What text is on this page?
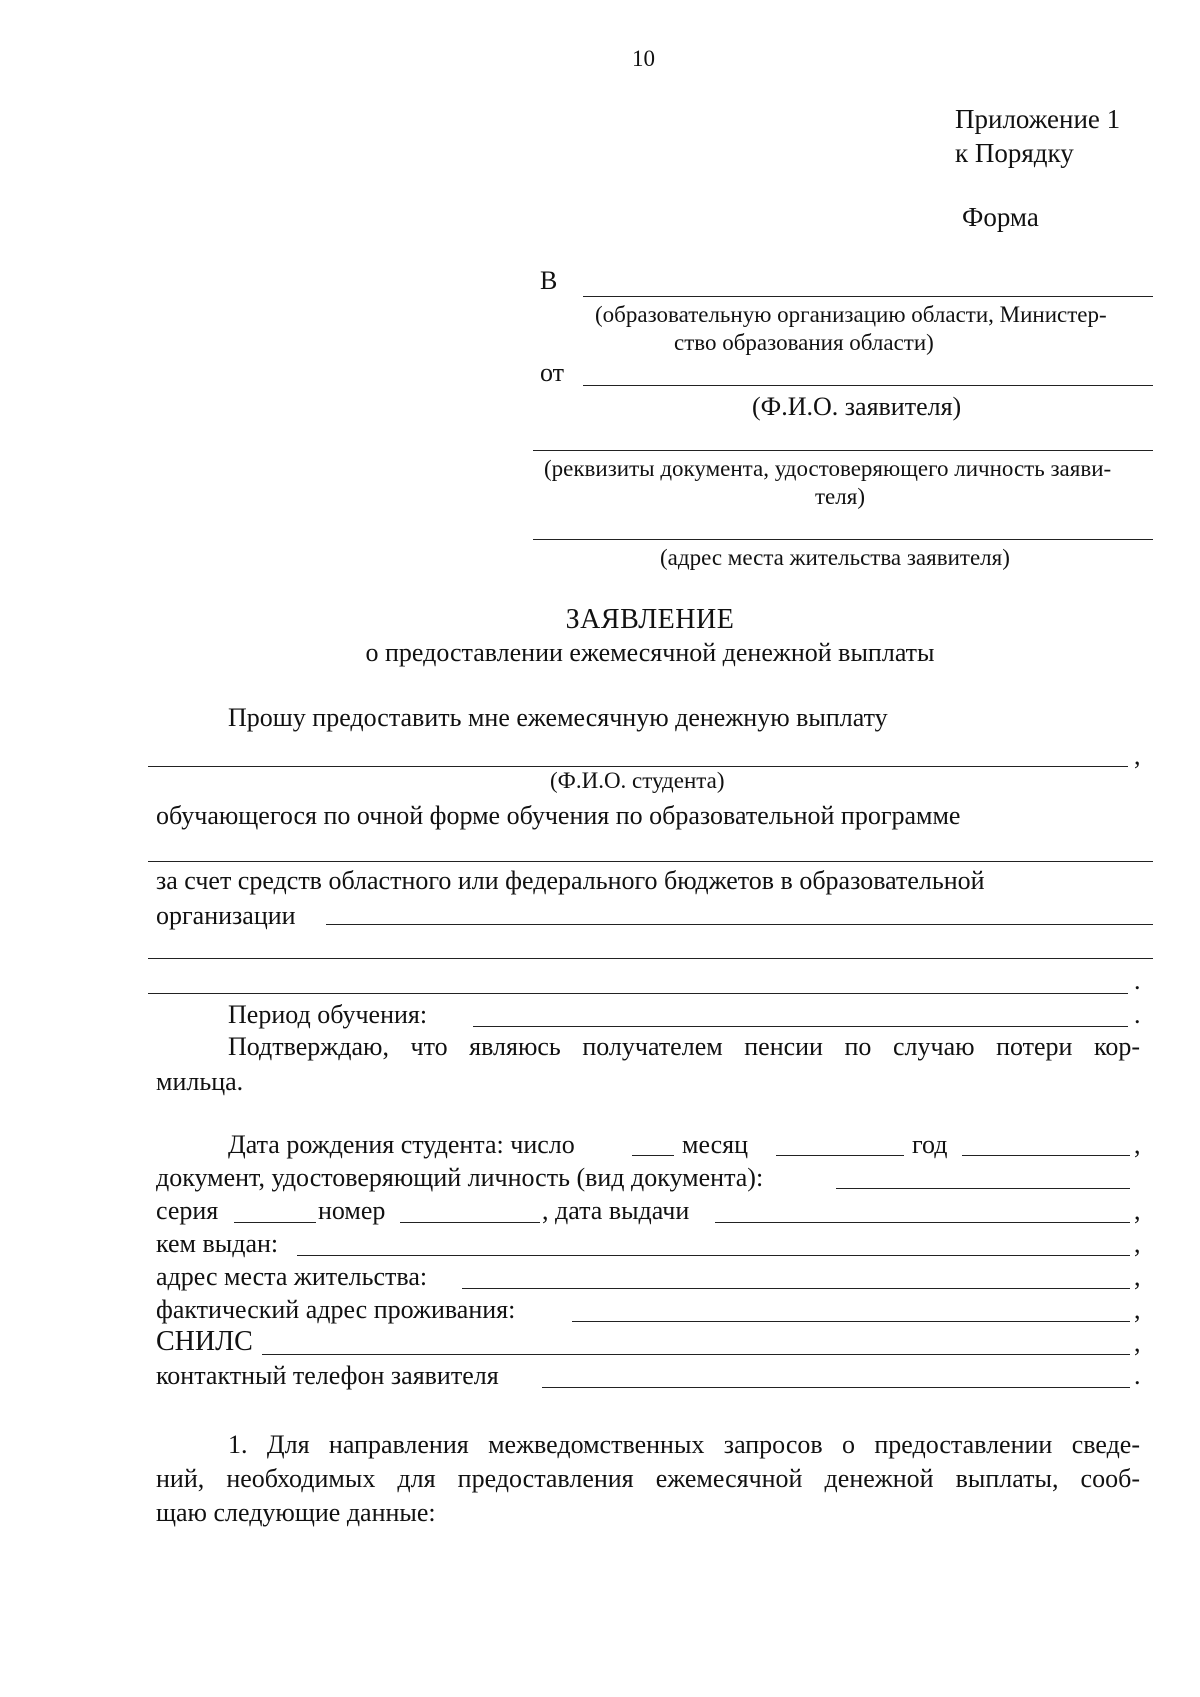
10
Приложение 1
к Порядку
Форма
В
(образовательную организацию области, Министер-
ство образования области)
от
(Ф.И.О. заявителя)
(реквизиты документа, удостоверяющего личность заяви-
теля)
(адрес места жительства заявителя)
ЗАЯВЛЕНИЕ
о предоставлении ежемесячной денежной выплаты
Прошу предоставить мне ежемесячную денежную выплату
,
(Ф.И.О. студента)
обучающегося по очной форме обучения по образовательной программе
за счет средств областного или федерального бюджетов в образовательной
организации
.
Период обучения:	.
Подтверждаю, что являюсь получателем пенсии по случаю потери кор-
мильца.
Дата рождения студента: число	месяц	год	,
документ, удостоверяющий личность (вид документа):
серия	номер	, дата выдачи	,
кем выдан:	,
адрес места жительства:	,
фактический адрес проживания:	,
СНИЛС	,
контактный телефон заявителя	.
1. Для направления межведомственных запросов о предоставлении сведе-
ний, необходимых для предоставления ежемесячной денежной выплаты, сооб-
щаю следующие данные:
